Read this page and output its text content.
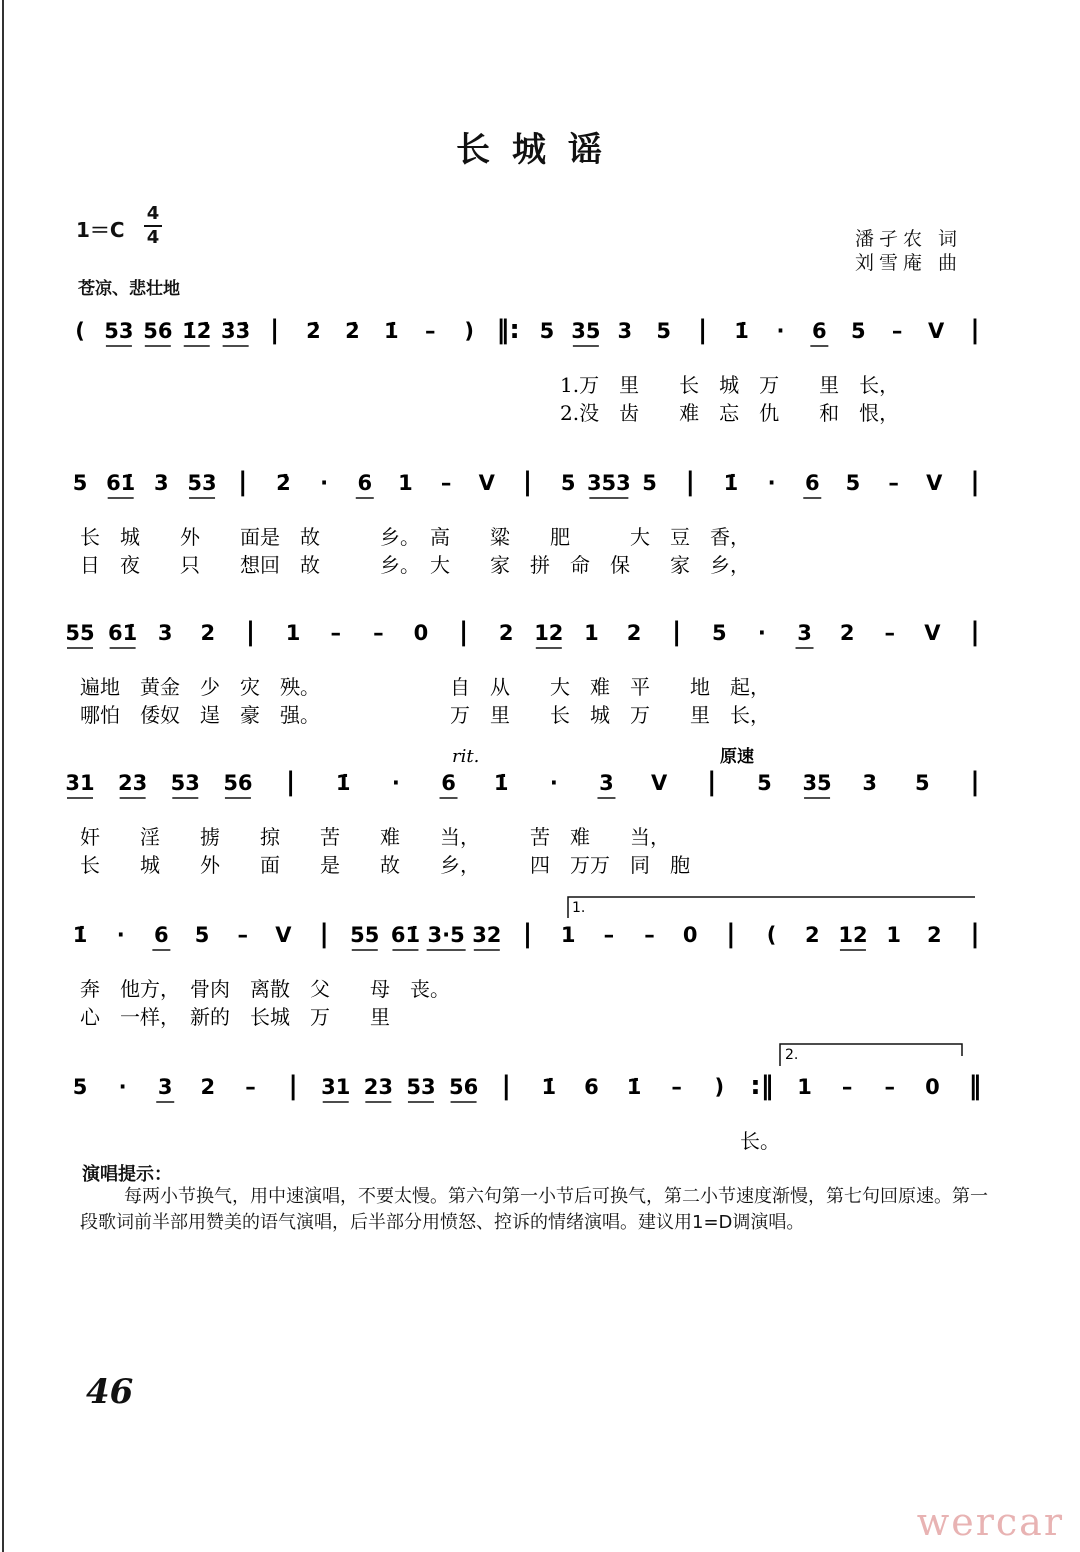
长城谣
1＝C
4
4	潘孑农 词
刘雪庵 曲
苍凉、悲壮地
( 53 56 1̇2̇ 3̇3̇ | 2̇ 2̇ 1̇ – ) ‖: 5 35 3 5 | 1̇ · 6 5 – V |
1.万　里　　长　城　万　　里　长，
2.没　齿　　难　忘　仇　　和　恨，
5 61̇ 3 53 | 2̇ · 6 1 – V | 5 353 5 | 1̇ · 6 5 – V |
长　城　　外　　面是　故　　　乡。　高　　粱　　肥　　　大　豆　香，
日　夜　　只　　想回　故　　　乡。　大　　家　拼　命　保　　家　乡，
55 61̇ 3 2 | 1 – – 0 | 2 12 1 2 | 5 · 3 2 – V |
遍地　黄金　少　灾　殃。　　　　　　　自　从　　大　难　平　　地　起，
哪怕　倭奴　逞　豪　强。　　　　　　　万　里　　长　城　万　　里　长，
31 23 53 56 | 1̇ · 6 1̇ · 3 V | 5 35 3 5 |
奸　　淫　　掳　　掠　　苦　　难　　当，　　　苦　难　　当，
长　　城　　外　　面　　是　　故　　乡，　　　四　万万　同　胞
1̇ · 6 5 – V | 55 61̇ 3·5 32 | 1 – – 0 | ( 2 12 1 2 |
奔　他方，　骨肉　离散　父　　母　丧。
心　一样，　新的　长城　万　　里
5 · 3 2 – | 31 23 53 56 | 1̇ 6 1̇ – ) :‖ 1 – – 0 ‖
　　　　　　　　　　　　　　　　　　　　　　　　　　　　　　　　　长。
rit.	原速
1.
2.
演唱提示：
每两小节换气，用中速演唱，不要太慢。第六句第一小节后可换气，第二小节速度渐慢，第七句回原速。第一段歌词前半部用赞美的语气演唱，后半部分用愤怒、控诉的情绪演唱。建议用1=D调演唱。
46
wercar
